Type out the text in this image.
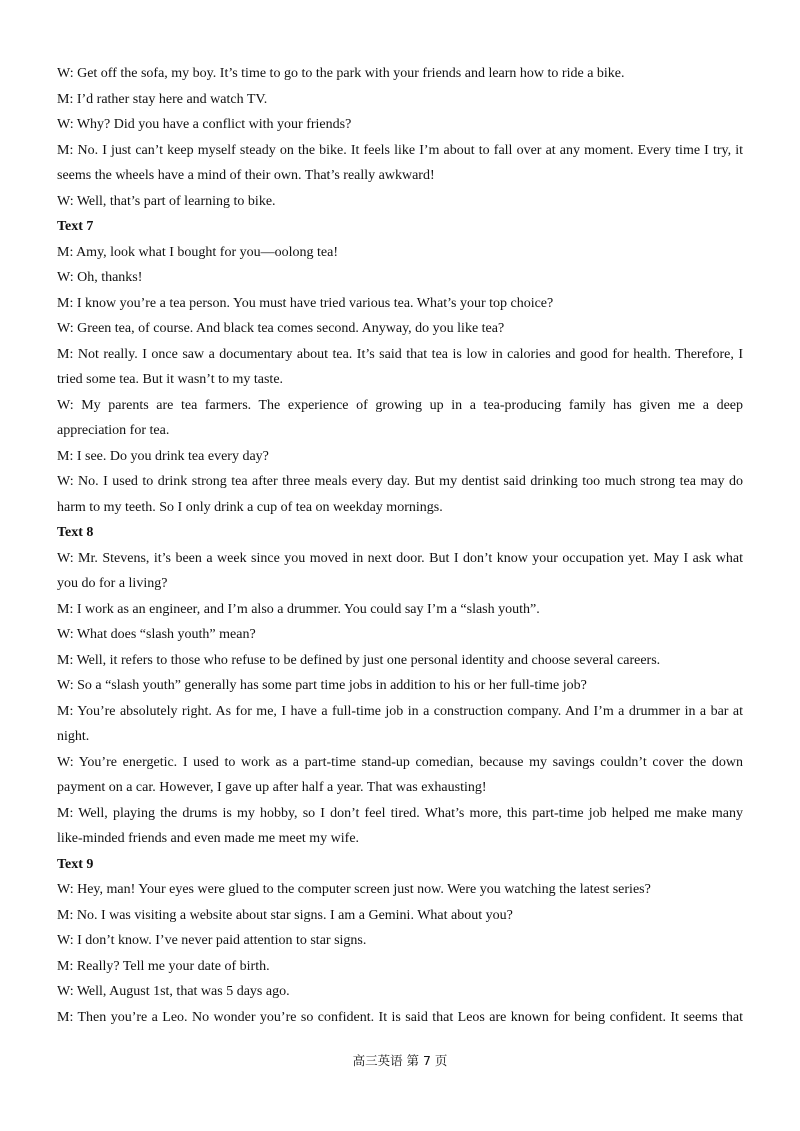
W: Get off the sofa, my boy. It’s time to go to the park with your friends and learn how to ride a bike.
M: I’d rather stay here and watch TV.
W: Why? Did you have a conflict with your friends?
M: No. I just can’t keep myself steady on the bike. It feels like I’m about to fall over at any moment. Every time I try, it
seems the wheels have a mind of their own. That’s really awkward!
W: Well, that’s part of learning to bike.
Text 7
M: Amy, look what I bought for you—oolong tea!
W: Oh, thanks!
M: I know you’re a tea person. You must have tried various tea. What’s your top choice?
W: Green tea, of course. And black tea comes second. Anyway, do you like tea?
M: Not really. I once saw a documentary about tea. It’s said that tea is low in calories and good for health. Therefore, I
tried some tea. But it wasn’t to my taste.
W: My parents are tea farmers. The experience of growing up in a tea-producing family has given me a deep
appreciation for tea.
M: I see. Do you drink tea every day?
W: No. I used to drink strong tea after three meals every day. But my dentist said drinking too much strong tea may do
harm to my teeth. So I only drink a cup of tea on weekday mornings.
Text 8
W: Mr. Stevens, it’s been a week since you moved in next door. But I don’t know your occupation yet. May I ask what
you do for a living?
M: I work as an engineer, and I’m also a drummer. You could say I’m a “slash youth”.
W: What does “slash youth” mean?
M: Well, it refers to those who refuse to be defined by just one personal identity and choose several careers.
W: So a “slash youth” generally has some part time jobs in addition to his or her full-time job?
M: You’re absolutely right. As for me, I have a full-time job in a construction company. And I’m a drummer in a bar at
night.
W: You’re energetic. I used to work as a part-time stand-up comedian, because my savings couldn’t cover the down
payment on a car. However, I gave up after half a year. That was exhausting!
M: Well, playing the drums is my hobby, so I don’t feel tired. What’s more, this part-time job helped me make many
like-minded friends and even made me meet my wife.
Text 9
W: Hey, man! Your eyes were glued to the computer screen just now. Were you watching the latest series?
M: No. I was visiting a website about star signs. I am a Gemini. What about you?
W: I don’t know. I’ve never paid attention to star signs.
M: Really? Tell me your date of birth.
W: Well, August 1st, that was 5 days ago.
M: Then you’re a Leo. No wonder you’re so confident. It is said that Leos are known for being confident. It seems that
高三英语 第 7 页
